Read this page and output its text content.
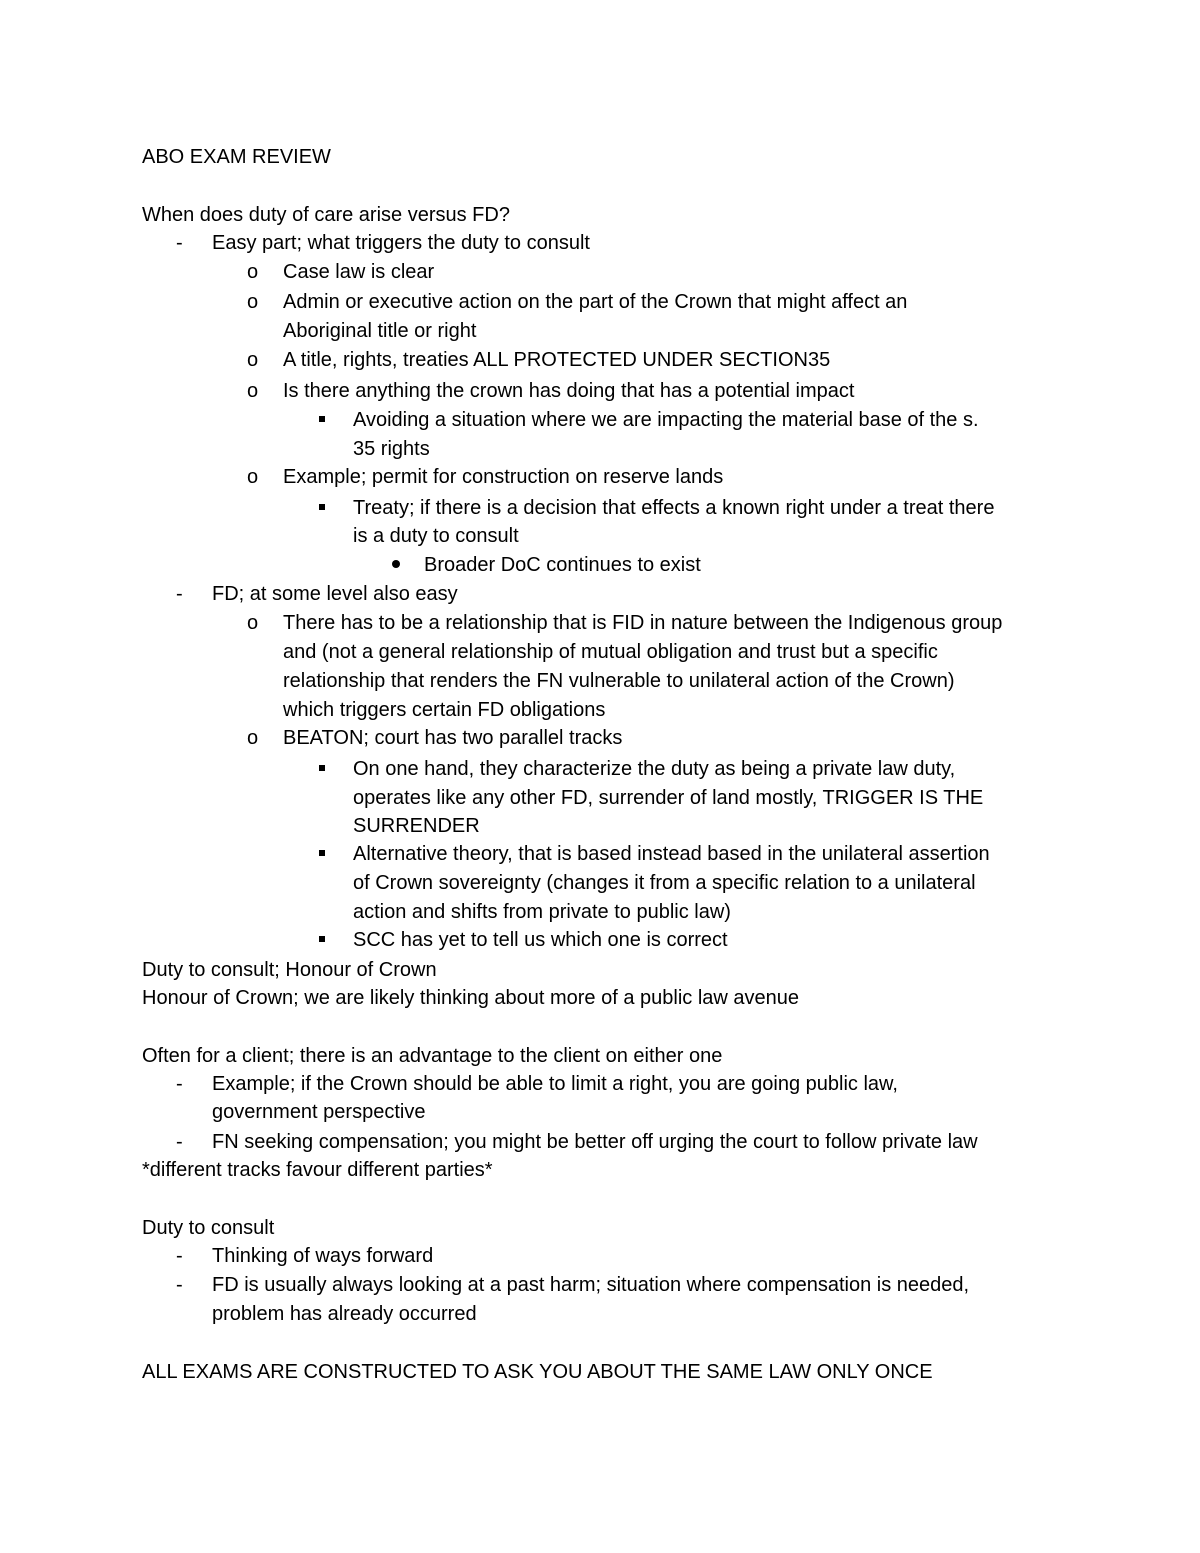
ABO EXAM REVIEW
When does duty of care arise versus FD?
- Easy part; what triggers the duty to consult
o Case law is clear
o Admin or executive action on the part of the Crown that might affect an
Aboriginal title or right
o A title, rights, treaties ALL PROTECTED UNDER SECTION35
o Is there anything the crown has doing that has a potential impact
Avoiding a situation where we are impacting the material base of the s.
35 rights
o Example; permit for construction on reserve lands
Treaty; if there is a decision that effects a known right under a treat there
is a duty to consult
Broader DoC continues to exist
- FD; at some level also easy
o There has to be a relationship that is FID in nature between the Indigenous group
and (not a general relationship of mutual obligation and trust but a specific
relationship that renders the FN vulnerable to unilateral action of the Crown)
which triggers certain FD obligations
o BEATON; court has two parallel tracks
On one hand, they characterize the duty as being a private law duty,
operates like any other FD, surrender of land mostly, TRIGGER IS THE
SURRENDER
Alternative theory, that is based instead based in the unilateral assertion
of Crown sovereignty (changes it from a specific relation to a unilateral
action and shifts from private to public law)
SCC has yet to tell us which one is correct
Duty to consult; Honour of Crown
Honour of Crown; we are likely thinking about more of a public law avenue
Often for a client; there is an advantage to the client on either one
- Example; if the Crown should be able to limit a right, you are going public law,
government perspective
- FN seeking compensation; you might be better off urging the court to follow private law
*different tracks favour different parties*
Duty to consult
- Thinking of ways forward
- FD is usually always looking at a past harm; situation where compensation is needed,
problem has already occurred
ALL EXAMS ARE CONSTRUCTED TO ASK YOU ABOUT THE SAME LAW ONLY ONCE
